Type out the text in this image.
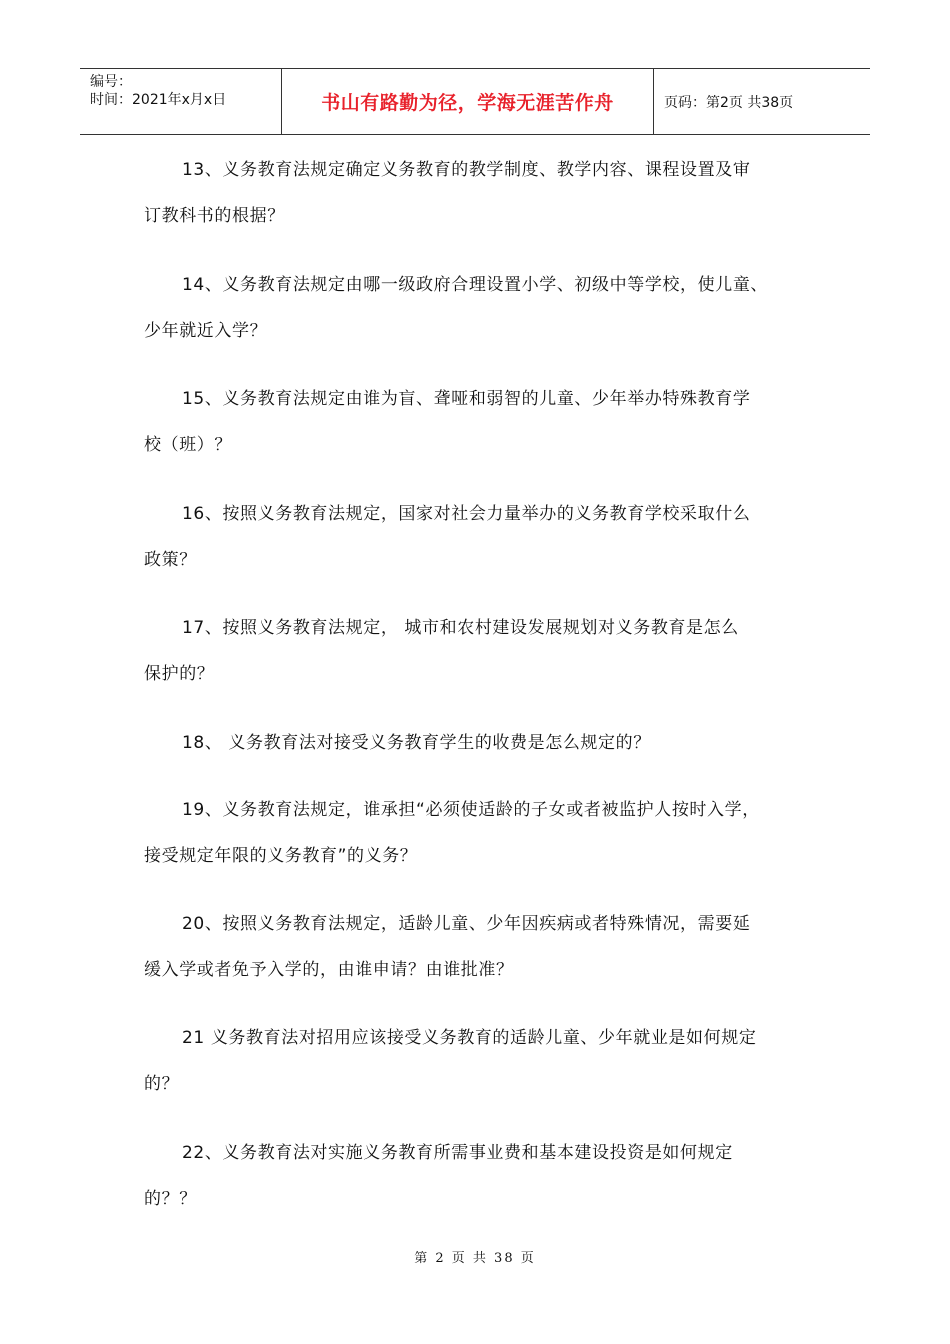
编号：
时间：2021年x月x日	书山有路勤为径，学海无涯苦作舟	页码：第2页 共38页
13、义务教育法规定确定义务教育的教学制度、教学内容、课程设置及审
订教科书的根据？
14、义务教育法规定由哪一级政府合理设置小学、初级中等学校，使儿童、
少年就近入学？
15、义务教育法规定由谁为盲、聋哑和弱智的儿童、少年举办特殊教育学
校（班）？
16、按照义务教育法规定，国家对社会力量举办的义务教育学校采取什么
政策？
17、按照义务教育法规定， 城市和农村建设发展规划对义务教育是怎么
保护的？
18、 义务教育法对接受义务教育学生的收费是怎么规定的？
19、义务教育法规定，谁承担“必须使适龄的子女或者被监护人按时入学，
接受规定年限的义务教育”的义务？
20、按照义务教育法规定，适龄儿童、少年因疾病或者特殊情况，需要延
缓入学或者免予入学的，由谁申请？由谁批准？
21 义务教育法对招用应该接受义务教育的适龄儿童、少年就业是如何规定
的？
22、义务教育法对实施义务教育所需事业费和基本建设投资是如何规定
的？？
第 2 页 共 38 页
